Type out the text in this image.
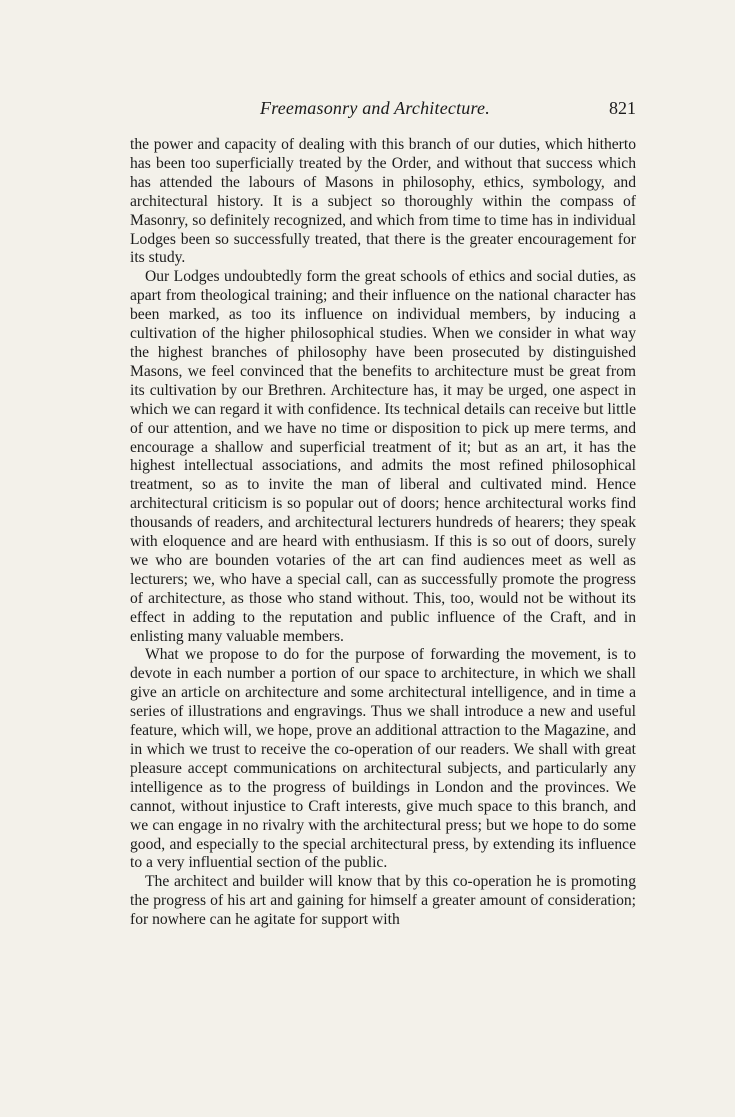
Freemasonry and Architecture.	821

the power and capacity of dealing with this branch of our duties, which hitherto has been too superficially treated by the Order, and without that success which has attended the labours of Masons in philosophy, ethics, symbology, and architectural history. It is a subject so thoroughly within the compass of Masonry, so definitely recognized, and which from time to time has in individual Lodges been so successfully treated, that there is the greater encouragement for its study.

Our Lodges undoubtedly form the great schools of ethics and social duties, as apart from theological training; and their influence on the national character has been marked, as too its influence on individual members, by inducing a cultivation of the higher philosophical studies. When we consider in what way the highest branches of philosophy have been prosecuted by distinguished Masons, we feel convinced that the benefits to architecture must be great from its cultivation by our Brethren. Architecture has, it may be urged, one aspect in which we can regard it with confidence. Its technical details can receive but little of our attention, and we have no time or disposition to pick up mere terms, and encourage a shallow and superficial treatment of it; but as an art, it has the highest intellectual associations, and admits the most refined philosophical treatment, so as to invite the man of liberal and cultivated mind. Hence architectural criticism is so popular out of doors; hence architectural works find thousands of readers, and architectural lecturers hundreds of hearers; they speak with eloquence and are heard with enthusiasm. If this is so out of doors, surely we who are bounden votaries of the art can find audiences meet as well as lecturers; we, who have a special call, can as successfully promote the progress of architecture, as those who stand without. This, too, would not be without its effect in adding to the reputation and public influence of the Craft, and in enlisting many valuable members.

What we propose to do for the purpose of forwarding the movement, is to devote in each number a portion of our space to architecture, in which we shall give an article on architecture and some architectural intelligence, and in time a series of illustrations and engravings. Thus we shall introduce a new and useful feature, which will, we hope, prove an additional attraction to the Magazine, and in which we trust to receive the co-operation of our readers. We shall with great pleasure accept communications on architectural subjects, and particularly any intelligence as to the progress of buildings in London and the provinces. We cannot, without injustice to Craft interests, give much space to this branch, and we can engage in no rivalry with the architectural press; but we hope to do some good, and especially to the special architectural press, by extending its influence to a very influential section of the public.

The architect and builder will know that by this co-operation he is promoting the progress of his art and gaining for himself a greater amount of consideration; for nowhere can he agitate for support with
